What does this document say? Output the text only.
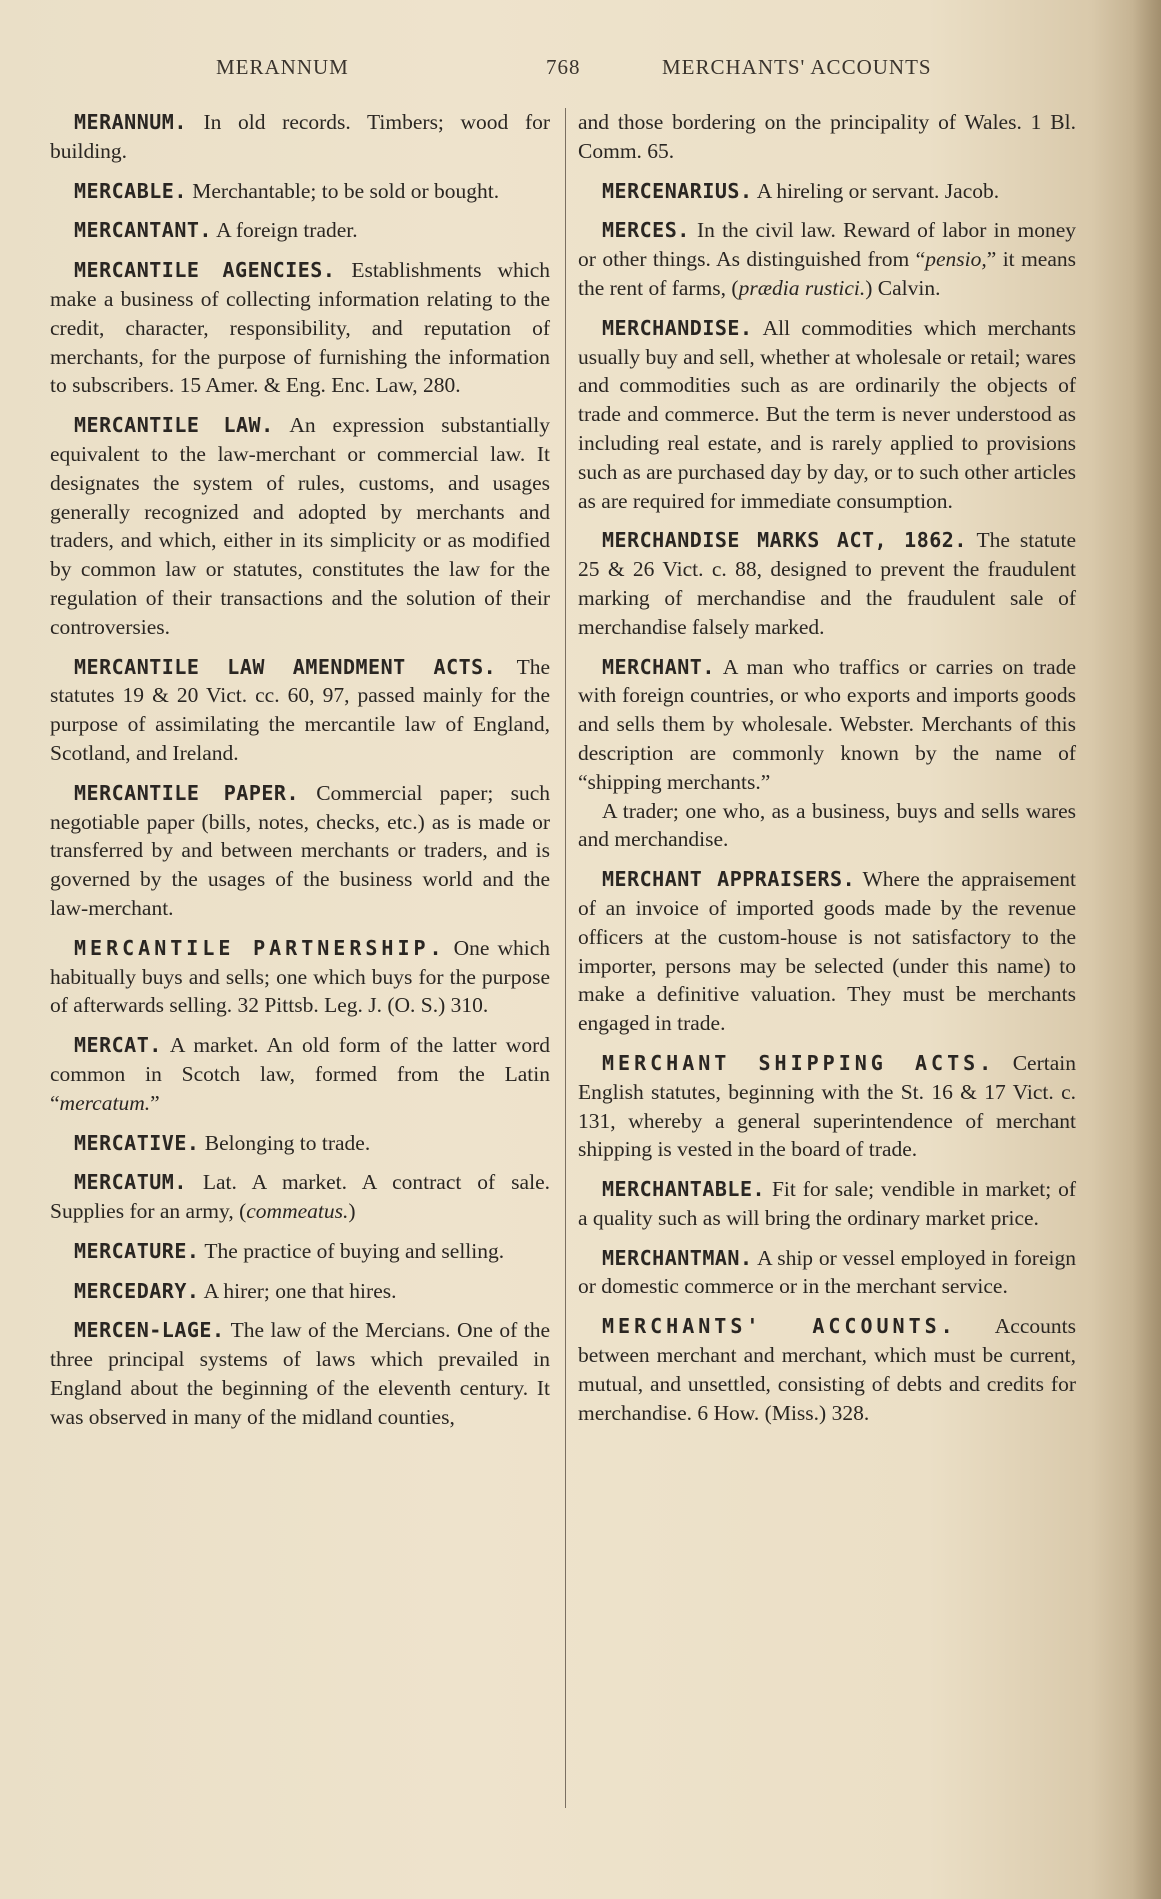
MERANNUM	768	MERCHANTS' ACCOUNTS

MERANNUM. In old records. Timbers; wood for building.

MERCABLE. Merchantable; to be sold or bought.

MERCANTANT. A foreign trader.

MERCANTILE AGENCIES. Establishments which make a business of collecting information relating to the credit, character, responsibility, and reputation of merchants, for the purpose of furnishing the information to subscribers. 15 Amer. & Eng. Enc. Law, 280.

MERCANTILE LAW. An expression substantially equivalent to the law-merchant or commercial law. It designates the system of rules, customs, and usages generally recognized and adopted by merchants and traders, and which, either in its simplicity or as modified by common law or statutes, constitutes the law for the regulation of their transactions and the solution of their controversies.

MERCANTILE LAW AMENDMENT ACTS. The statutes 19 & 20 Vict. cc. 60, 97, passed mainly for the purpose of assimilating the mercantile law of England, Scotland, and Ireland.

MERCANTILE PAPER. Commercial paper; such negotiable paper (bills, notes, checks, etc.) as is made or transferred by and between merchants or traders, and is governed by the usages of the business world and the law-merchant.

MERCANTILE PARTNERSHIP. One which habitually buys and sells; one which buys for the purpose of afterwards selling. 32 Pittsb. Leg. J. (O. S.) 310.

MERCAT. A market. An old form of the latter word common in Scotch law, formed from the Latin “mercatum.”

MERCATIVE. Belonging to trade.

MERCATUM. Lat. A market. A contract of sale. Supplies for an army, (commeatus.)

MERCATURE. The practice of buying and selling.

MERCEDARY. A hirer; one that hires.

MERCEN-LAGE. The law of the Mercians. One of the three principal systems of laws which prevailed in England about the beginning of the eleventh century. It was observed in many of the midland counties,

and those bordering on the principality of Wales. 1 Bl. Comm. 65.

MERCENARIUS. A hireling or servant. Jacob.

MERCES. In the civil law. Reward of labor in money or other things. As distinguished from “pensio,” it means the rent of farms, (prædia rustici.) Calvin.

MERCHANDISE. All commodities which merchants usually buy and sell, whether at wholesale or retail; wares and commodities such as are ordinarily the objects of trade and commerce. But the term is never understood as including real estate, and is rarely applied to provisions such as are purchased day by day, or to such other articles as are required for immediate consumption.

MERCHANDISE MARKS ACT, 1862. The statute 25 & 26 Vict. c. 88, designed to prevent the fraudulent marking of merchandise and the fraudulent sale of merchandise falsely marked.

MERCHANT. A man who traffics or carries on trade with foreign countries, or who exports and imports goods and sells them by wholesale. Webster. Merchants of this description are commonly known by the name of “shipping merchants.”
A trader; one who, as a business, buys and sells wares and merchandise.

MERCHANT APPRAISERS. Where the appraisement of an invoice of imported goods made by the revenue officers at the custom-house is not satisfactory to the importer, persons may be selected (under this name) to make a definitive valuation. They must be merchants engaged in trade.

MERCHANT SHIPPING ACTS. Certain English statutes, beginning with the St. 16 & 17 Vict. c. 131, whereby a general superintendence of merchant shipping is vested in the board of trade.

MERCHANTABLE. Fit for sale; vendible in market; of a quality such as will bring the ordinary market price.

MERCHANTMAN. A ship or vessel employed in foreign or domestic commerce or in the merchant service.

MERCHANTS' ACCOUNTS. Accounts between merchant and merchant, which must be current, mutual, and unsettled, consisting of debts and credits for merchandise. 6 How. (Miss.) 328.
